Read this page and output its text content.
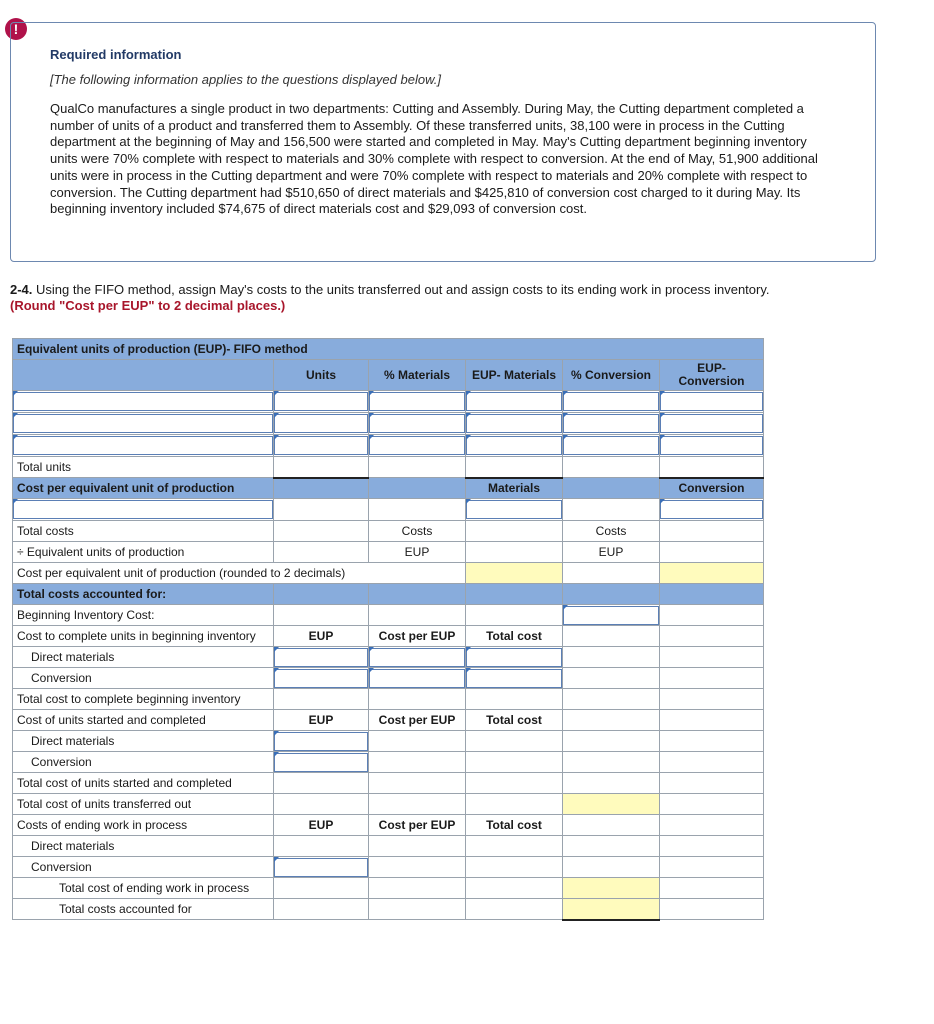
!

Required information

[The following information applies to the questions displayed below.]

QualCo manufactures a single product in two departments: Cutting and Assembly. During May, the Cutting department completed a number of units of a product and transferred them to Assembly. Of these transferred units, 38,100 were in process in the Cutting department at the beginning of May and 156,500 were started and completed in May. May's Cutting department beginning inventory units were 70% complete with respect to materials and 30% complete with respect to conversion. At the end of May, 51,900 additional units were in process in the Cutting department and were 70% complete with respect to materials and 20% complete with respect to conversion. The Cutting department had $510,650 of direct materials and $425,810 of conversion cost charged to it during May. Its beginning inventory included $74,675 of direct materials cost and $29,093 of conversion cost.

2-4. Using the FIFO method, assign May's costs to the units transferred out and assign costs to its ending work in process inventory.
(Round "Cost per EUP" to 2 decimal places.)
Equivalent units of production (EUP)- FIFO method					
	Units	% Materials	EUP- Materials	% Conversion	EUP-
Conversion

Total units					
Cost per equivalent unit of production			Materials		Conversion

Total costs		Costs		Costs	
÷ Equivalent units of production		EUP		EUP	
Cost per equivalent unit of production (rounded to 2 decimals)					
Total costs accounted for:					
Beginning Inventory Cost:					
Cost to complete units in beginning inventory	EUP	Cost per EUP	Total cost		
Direct materials					
Conversion					
Total cost to complete beginning inventory					
Cost of units started and completed	EUP	Cost per EUP	Total cost		
Direct materials					
Conversion					
Total cost of units started and completed					
Total cost of units transferred out					
Costs of ending work in process	EUP	Cost per EUP	Total cost		
Direct materials					
Conversion					
Total cost of ending work in process					
Total costs accounted for					
